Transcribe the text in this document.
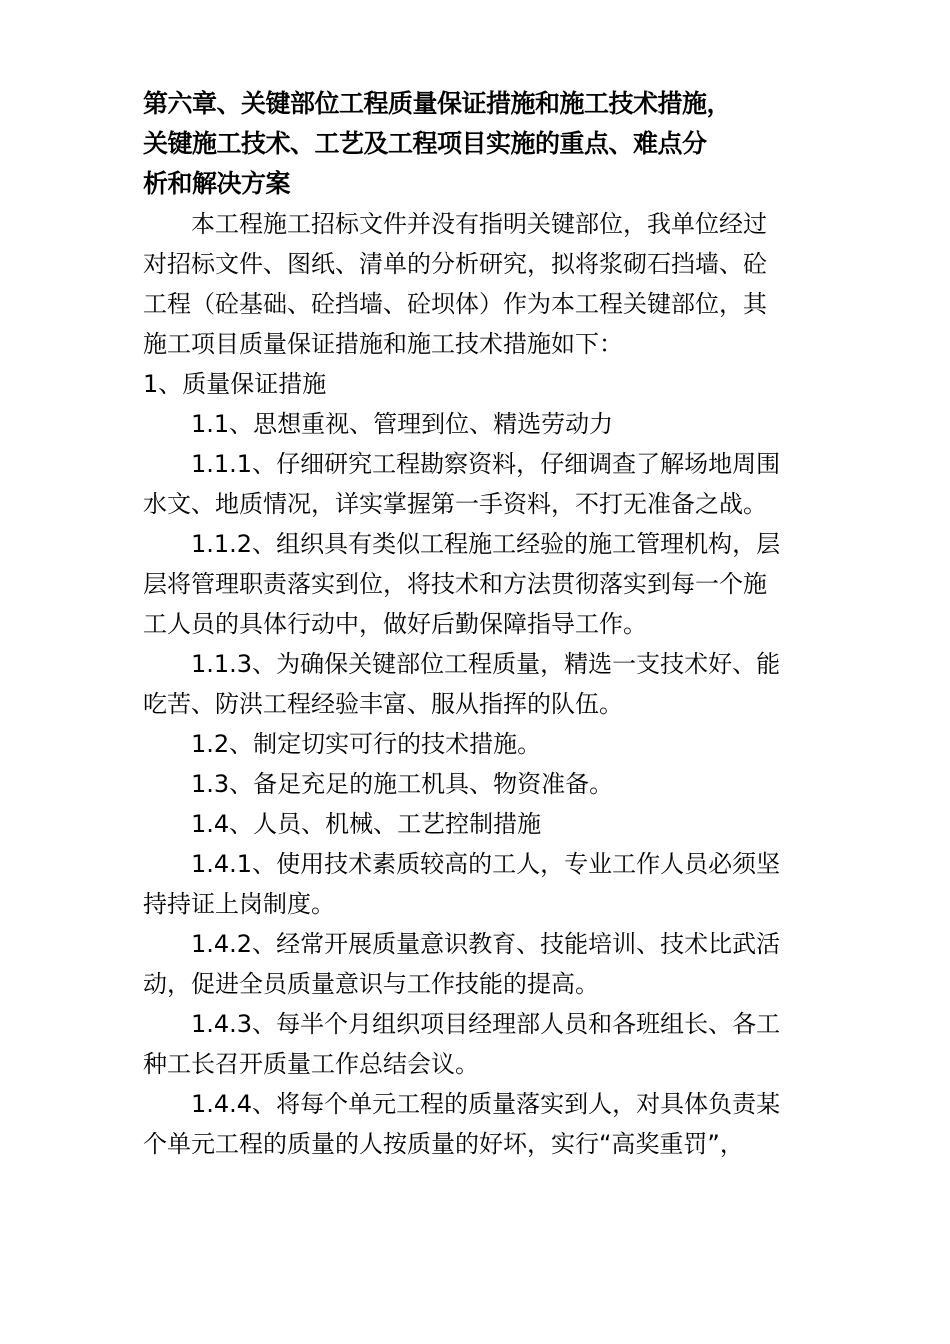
第六章、关键部位工程质量保证措施和施工技术措施，
关键施工技术、工艺及工程项目实施的重点、难点分
析和解决方案
本工程施工招标文件并没有指明关键部位，我单位经过
对招标文件、图纸、清单的分析研究，拟将浆砌石挡墙、砼
工程（砼基础、砼挡墙、砼坝体）作为本工程关键部位，其
施工项目质量保证措施和施工技术措施如下：
1、质量保证措施
1.1、思想重视、管理到位、精选劳动力
1.1.1、仔细研究工程勘察资料，仔细调查了解场地周围
水文、地质情况，详实掌握第一手资料，不打无准备之战。
1.1.2、组织具有类似工程施工经验的施工管理机构，层
层将管理职责落实到位，将技术和方法贯彻落实到每一个施
工人员的具体行动中，做好后勤保障指导工作。
1.1.3、为确保关键部位工程质量，精选一支技术好、能
吃苦、防洪工程经验丰富、服从指挥的队伍。
1.2、制定切实可行的技术措施。
1.3、备足充足的施工机具、物资准备。
1.4、人员、机械、工艺控制措施
1.4.1、使用技术素质较高的工人，专业工作人员必须坚
持持证上岗制度。
1.4.2、经常开展质量意识教育、技能培训、技术比武活
动，促进全员质量意识与工作技能的提高。
1.4.3、每半个月组织项目经理部人员和各班组长、各工
种工长召开质量工作总结会议。
1.4.4、将每个单元工程的质量落实到人，对具体负责某
个单元工程的质量的人按质量的好坏，实行“高奖重罚”，
